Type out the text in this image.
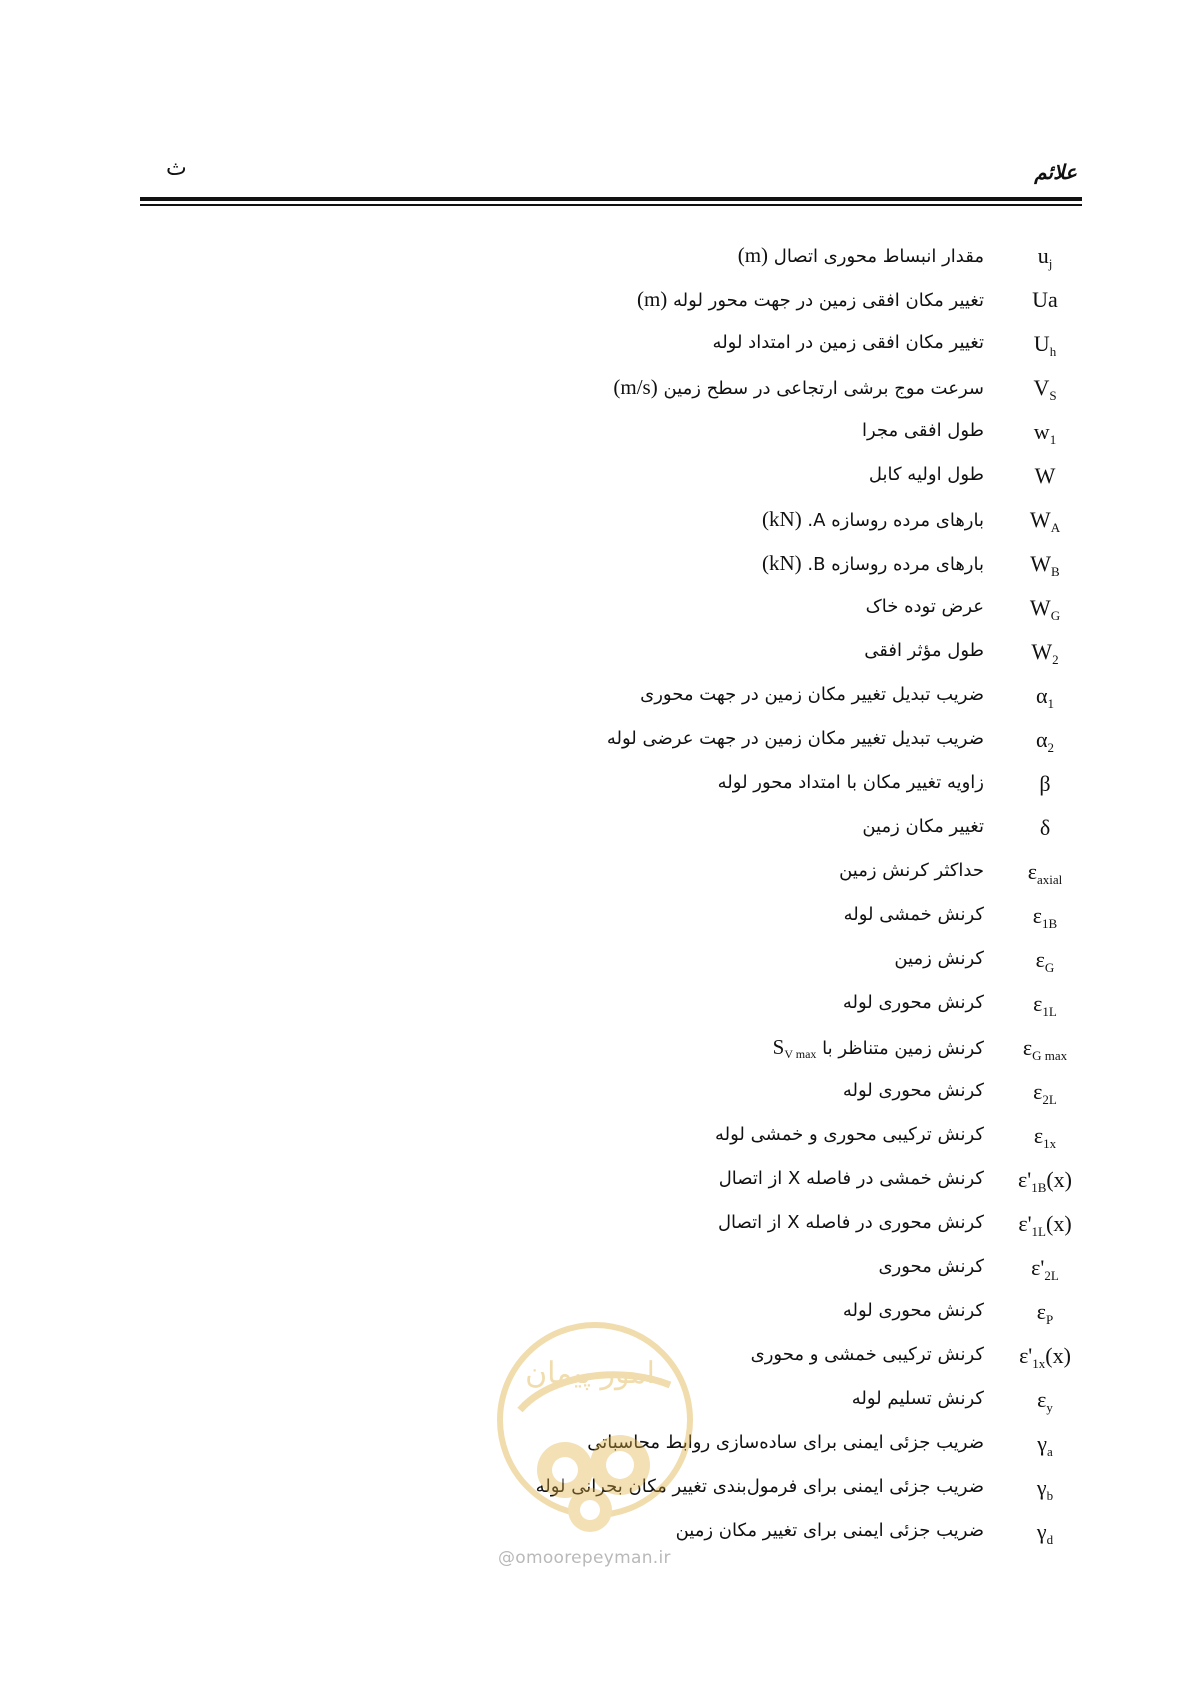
ث	علائم
$u_j$
مقدار انبساط محوری اتصال (m)
Ua
تغییر مکان افقی زمین در جهت محور لوله (m)
$U_h$
تغییر مکان افقی زمین در امتداد لوله
$V_S$
سرعت موج برشی ارتجاعی در سطح زمین (m/s)
$w_1$
طول افقی مجرا
W
طول اولیه کابل
$W_A$
بارهای مرده روسازه A. (kN)
$W_B$
بارهای مرده روسازه B. (kN)
$W_G$
عرض توده خاک
$W_2$
طول مؤثر افقی
$\alpha_1$
ضریب تبدیل تغییر مکان زمین در جهت محوری
$\alpha_2$
ضریب تبدیل تغییر مکان زمین در جهت عرضی لوله
β
زاویه تغییر مکان با امتداد محور لوله
δ
تغییر مکان زمین
$\varepsilon_{axial}$
حداکثر کرنش زمین
$\varepsilon_{1B}$
کرنش خمشی لوله
$\varepsilon_G$
کرنش زمین
$\varepsilon_{1L}$
کرنش محوری لوله
$\varepsilon_{G max}$
کرنش زمین متناظر با $S_{V max}$
$\varepsilon_{2L}$
کرنش محوری لوله
$\varepsilon_{1x}$
کرنش ترکیبی محوری و خمشی لوله
$\varepsilon'_{1B}(x)$
کرنش خمشی در فاصله X از اتصال
$\varepsilon'_{1L}(x)$
کرنش محوری در فاصله X از اتصال
$\varepsilon'_{2L}$
کرنش محوری
$\varepsilon_P$
کرنش محوری لوله
$\varepsilon'_{1x}(x)$
کرنش ترکیبی خمشی و محوری
$\varepsilon_y$
کرنش تسلیم لوله
$\gamma_a$
ضریب جزئی ایمنی برای ساده‌سازی روابط محاسباتی
$\gamma_b$
ضریب جزئی ایمنی برای فرمول‌بندی تغییر مکان بحرانی لوله
$\gamma_d$
ضریب جزئی ایمنی برای تغییر مکان زمین
امور پیمان
@omoorepeyman.ir
